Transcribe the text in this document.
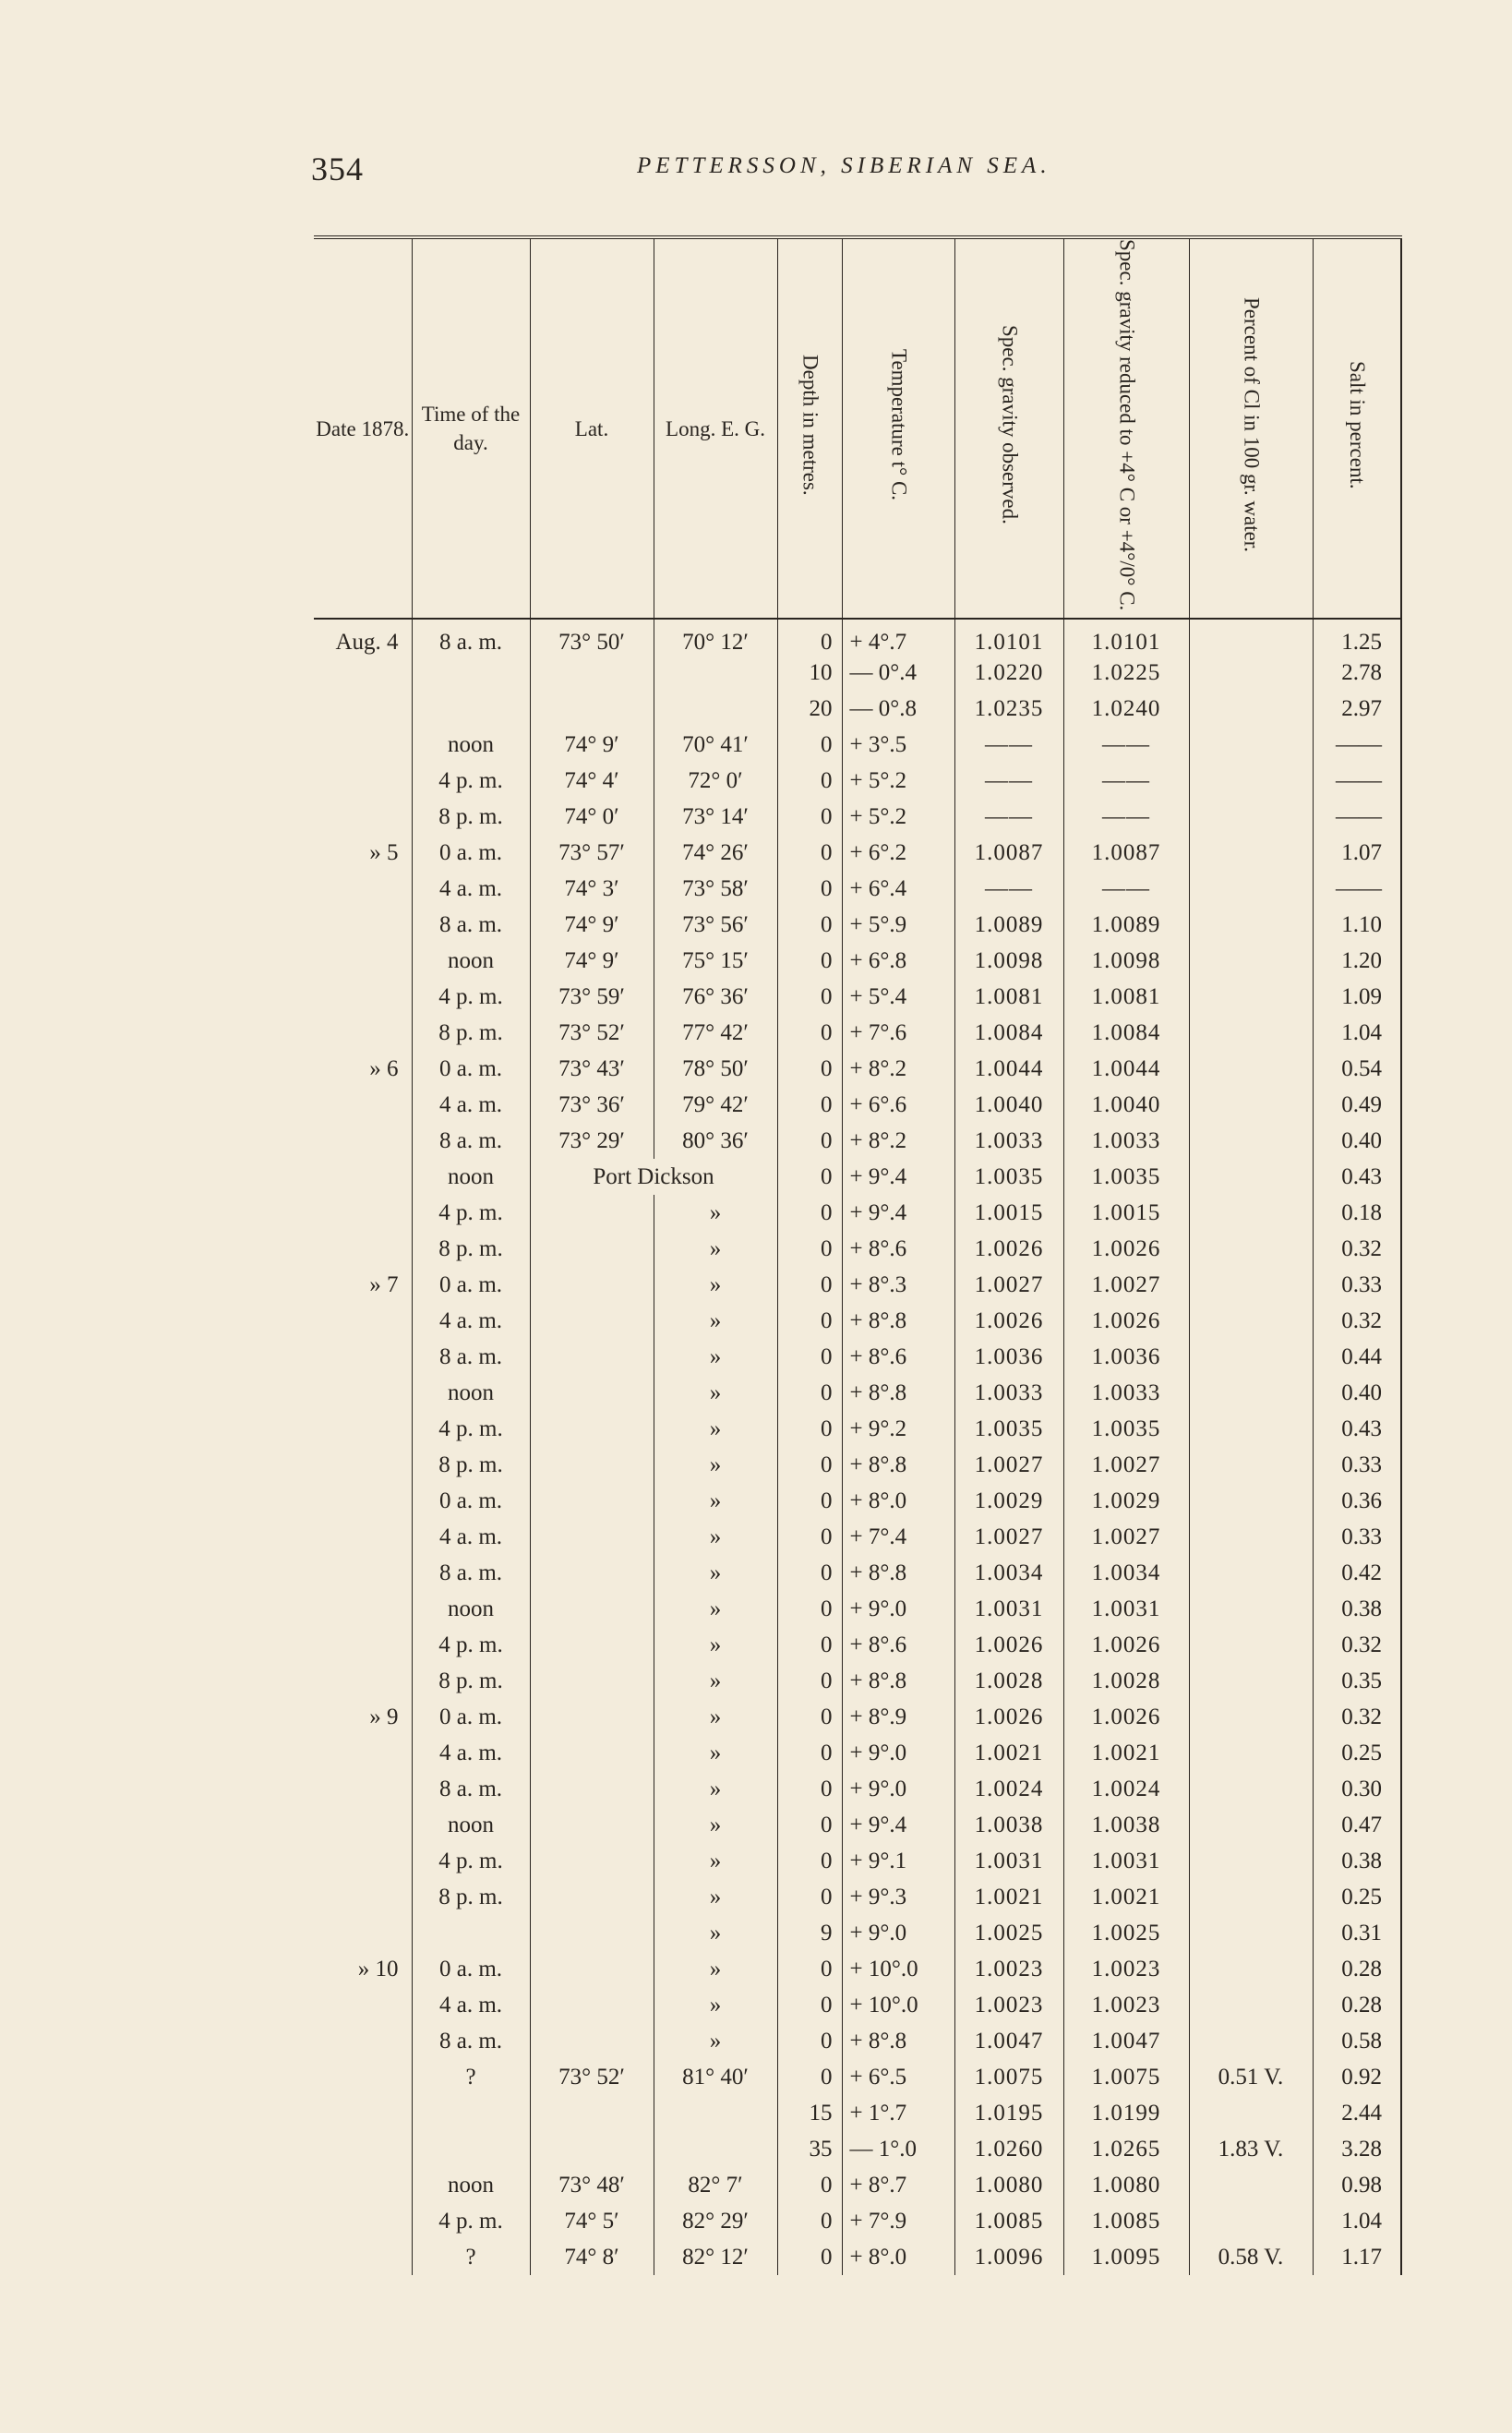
354	PETTERSSON, SIBERIAN SEA.
Date 1878.	Time of the day.	Lat.	Long. E. G.	Depth in metres.	Temperature t° C.	Spec. gravity observed.	Spec. gravity reduced to +4° C or +4°/0° C.	Percent of Cl in 100 gr. water.	Salt in percent.
Aug. 4	8 a. m.	73° 50′	70° 12′	0	+ 4°.7	1.0101	1.0101		1.25
				10	— 0°.4	1.0220	1.0225		2.78
				20	— 0°.8	1.0235	1.0240		2.97
	noon	74° 9′	70° 41′	0	+ 3°.5	——	——		——
	4 p. m.	74° 4′	72° 0′	0	+ 5°.2	——	——		——
	8 p. m.	74° 0′	73° 14′	0	+ 5°.2	——	——		——
» 5	0 a. m.	73° 57′	74° 26′	0	+ 6°.2	1.0087	1.0087		1.07
	4 a. m.	74° 3′	73° 58′	0	+ 6°.4	——	——		——
	8 a. m.	74° 9′	73° 56′	0	+ 5°.9	1.0089	1.0089		1.10
	noon	74° 9′	75° 15′	0	+ 6°.8	1.0098	1.0098		1.20
	4 p. m.	73° 59′	76° 36′	0	+ 5°.4	1.0081	1.0081		1.09
	8 p. m.	73° 52′	77° 42′	0	+ 7°.6	1.0084	1.0084		1.04
» 6	0 a. m.	73° 43′	78° 50′	0	+ 8°.2	1.0044	1.0044		0.54
	4 a. m.	73° 36′	79° 42′	0	+ 6°.6	1.0040	1.0040		0.49
	8 a. m.	73° 29′	80° 36′	0	+ 8°.2	1.0033	1.0033		0.40
	noon	Port Dickson		0	+ 9°.4	1.0035	1.0035		0.43
	4 p. m.		»	0	+ 9°.4	1.0015	1.0015		0.18
	8 p. m.		»	0	+ 8°.6	1.0026	1.0026		0.32
» 7	0 a. m.		»	0	+ 8°.3	1.0027	1.0027		0.33
	4 a. m.		»	0	+ 8°.8	1.0026	1.0026		0.32
	8 a. m.		»	0	+ 8°.6	1.0036	1.0036		0.44
	noon		»	0	+ 8°.8	1.0033	1.0033		0.40
	4 p. m.		»	0	+ 9°.2	1.0035	1.0035		0.43
	8 p. m.		»	0	+ 8°.8	1.0027	1.0027		0.33
	0 a. m.		»	0	+ 8°.0	1.0029	1.0029		0.36
	4 a. m.		»	0	+ 7°.4	1.0027	1.0027		0.33
	8 a. m.		»	0	+ 8°.8	1.0034	1.0034		0.42
	noon		»	0	+ 9°.0	1.0031	1.0031		0.38
	4 p. m.		»	0	+ 8°.6	1.0026	1.0026		0.32
	8 p. m.		»	0	+ 8°.8	1.0028	1.0028		0.35
» 9	0 a. m.		»	0	+ 8°.9	1.0026	1.0026		0.32
	4 a. m.		»	0	+ 9°.0	1.0021	1.0021		0.25
	8 a. m.		»	0	+ 9°.0	1.0024	1.0024		0.30
	noon		»	0	+ 9°.4	1.0038	1.0038		0.47
	4 p. m.		»	0	+ 9°.1	1.0031	1.0031		0.38
	8 p. m.		»	0	+ 9°.3	1.0021	1.0021		0.25
			»	9	+ 9°.0	1.0025	1.0025		0.31
» 10	0 a. m.		»	0	+ 10°.0	1.0023	1.0023		0.28
	4 a. m.		»	0	+ 10°.0	1.0023	1.0023		0.28
	8 a. m.		»	0	+ 8°.8	1.0047	1.0047		0.58
	?	73° 52′	81° 40′	0	+ 6°.5	1.0075	1.0075	0.51 V.	0.92
				15	+ 1°.7	1.0195	1.0199		2.44
				35	— 1°.0	1.0260	1.0265	1.83 V.	3.28
	noon	73° 48′	82° 7′	0	+ 8°.7	1.0080	1.0080		0.98
	4 p. m.	74° 5′	82° 29′	0	+ 7°.9	1.0085	1.0085		1.04
	?	74° 8′	82° 12′	0	+ 8°.0	1.0096	1.0095	0.58 V.	1.17
